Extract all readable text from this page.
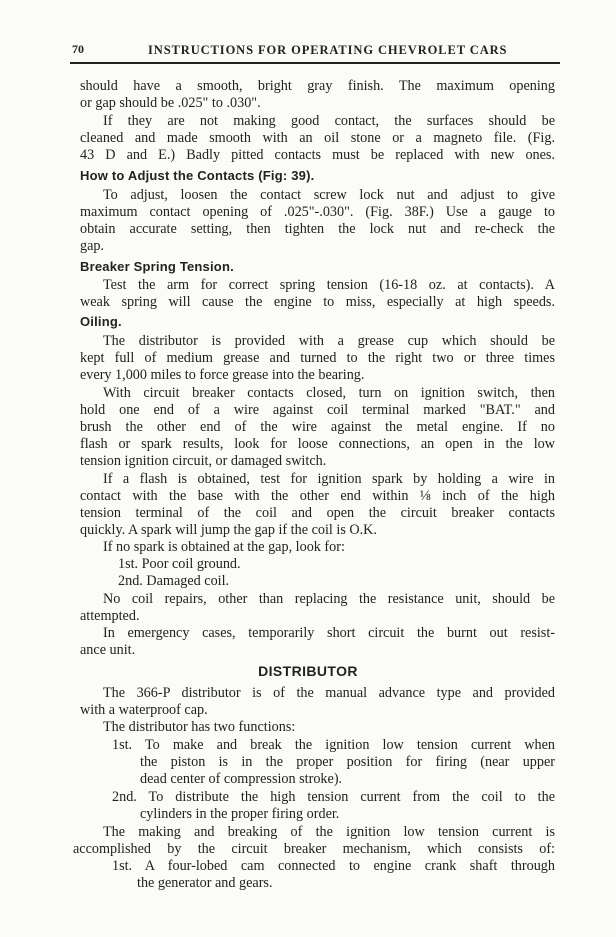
70	INSTRUCTIONS FOR OPERATING CHEVROLET CARS
should have a smooth, bright gray finish. The maximum opening
or gap should be .025" to .030".
If they are not making good contact, the surfaces should be
cleaned and made smooth with an oil stone or a magneto file. (Fig.
43 D and E.) Badly pitted contacts must be replaced with new ones.
How to Adjust the Contacts (Fig: 39).
To adjust, loosen the contact screw lock nut and adjust to give
maximum contact opening of .025"-.030". (Fig. 38F.) Use a gauge to
obtain accurate setting, then tighten the lock nut and re-check the
gap.
Breaker Spring Tension.
Test the arm for correct spring tension (16-18 oz. at contacts). A
weak spring will cause the engine to miss, especially at high speeds.
Oiling.
The distributor is provided with a grease cup which should be
kept full of medium grease and turned to the right two or three times
every 1,000 miles to force grease into the bearing.
With circuit breaker contacts closed, turn on ignition switch, then
hold one end of a wire against coil terminal marked "BAT." and
brush the other end of the wire against the metal engine. If no
flash or spark results, look for loose connections, an open in the low
tension ignition circuit, or damaged switch.
If a flash is obtained, test for ignition spark by holding a wire in
contact with the base with the other end within ⅛ inch of the high
tension terminal of the coil and open the circuit breaker contacts
quickly. A spark will jump the gap if the coil is O.K.
If no spark is obtained at the gap, look for:
1st. Poor coil ground.
2nd. Damaged coil.
No coil repairs, other than replacing the resistance unit, should be
attempted.
In emergency cases, temporarily short circuit the burnt out resist-
ance unit.
DISTRIBUTOR
The 366-P distributor is of the manual advance type and provided
with a waterproof cap.
The distributor has two functions:
1st. To make and break the ignition low tension current when
the piston is in the proper position for firing (near upper
dead center of compression stroke).
2nd. To distribute the high tension current from the coil to the
cylinders in the proper firing order.
The making and breaking of the ignition low tension current is
accomplished by the circuit breaker mechanism, which consists of:
1st. A four-lobed cam connected to engine crank shaft through
the generator and gears.
